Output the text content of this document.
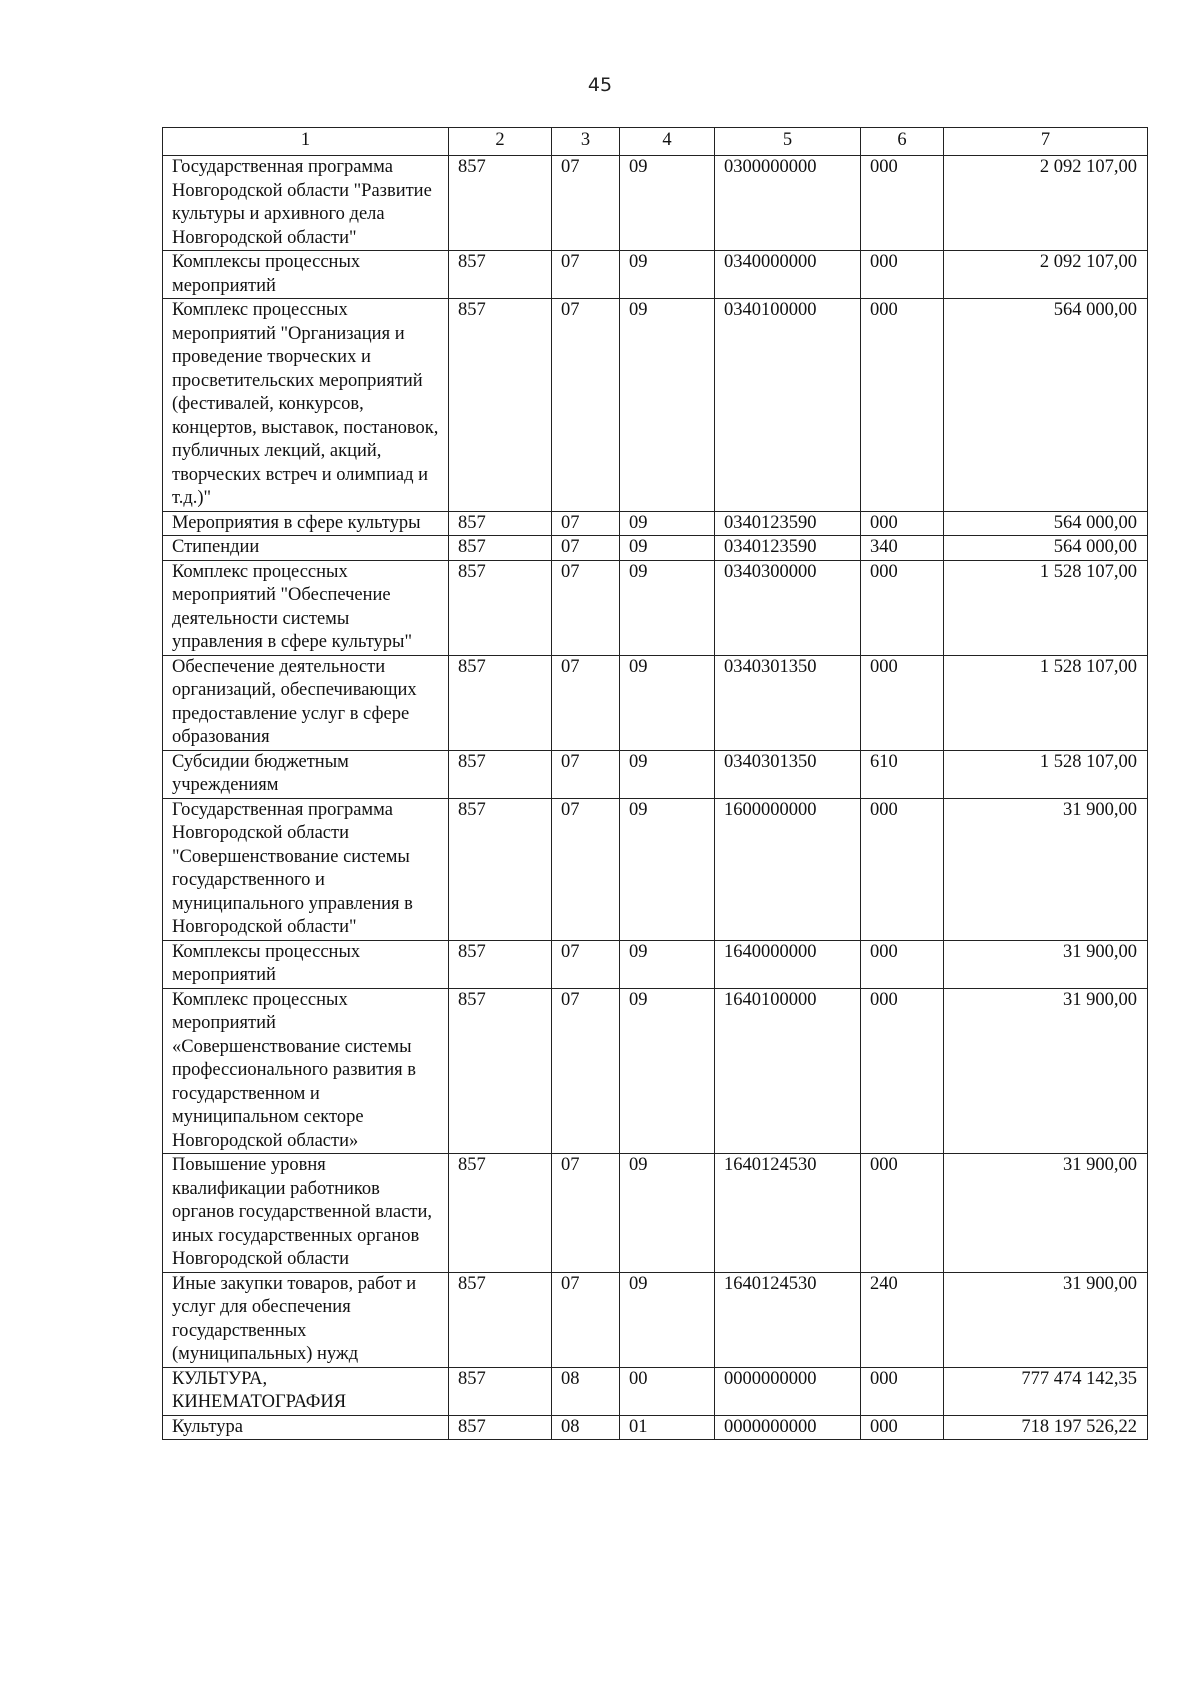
45
1	2	3	4	5	6	7
Государственная программа Новгородской области "Развитие культуры и архивного дела Новгородской области"	857	07	09	0300000000	000	2 092 107,00
Комплексы процессных мероприятий	857	07	09	0340000000	000	2 092 107,00
Комплекс процессных мероприятий "Организация и проведение творческих и просветительских мероприятий (фестивалей, конкурсов, концертов, выставок, постановок, публичных лекций, акций, творческих встреч и олимпиад и т.д.)"	857	07	09	0340100000	000	564 000,00
Мероприятия в сфере культуры	857	07	09	0340123590	000	564 000,00
Стипендии	857	07	09	0340123590	340	564 000,00
Комплекс процессных мероприятий "Обеспечение деятельности системы управления в сфере культуры"	857	07	09	0340300000	000	1 528 107,00
Обеспечение деятельности организаций, обеспечивающих предоставление услуг в сфере образования	857	07	09	0340301350	000	1 528 107,00
Субсидии бюджетным учреждениям	857	07	09	0340301350	610	1 528 107,00
Государственная программа Новгородской области "Совершенствование системы государственного и муниципального управления в Новгородской области"	857	07	09	1600000000	000	31 900,00
Комплексы процессных мероприятий	857	07	09	1640000000	000	31 900,00
Комплекс процессных мероприятий «Совершенствование системы профессионального развития в государственном и муниципальном секторе Новгородской области»	857	07	09	1640100000	000	31 900,00
Повышение уровня квалификации работников органов государственной власти, иных государственных органов Новгородской области	857	07	09	1640124530	000	31 900,00
Иные закупки товаров, работ и услуг для обеспечения государственных (муниципальных) нужд	857	07	09	1640124530	240	31 900,00
КУЛЬТУРА, КИНЕМАТОГРАФИЯ	857	08	00	0000000000	000	777 474 142,35
Культура	857	08	01	0000000000	000	718 197 526,22
